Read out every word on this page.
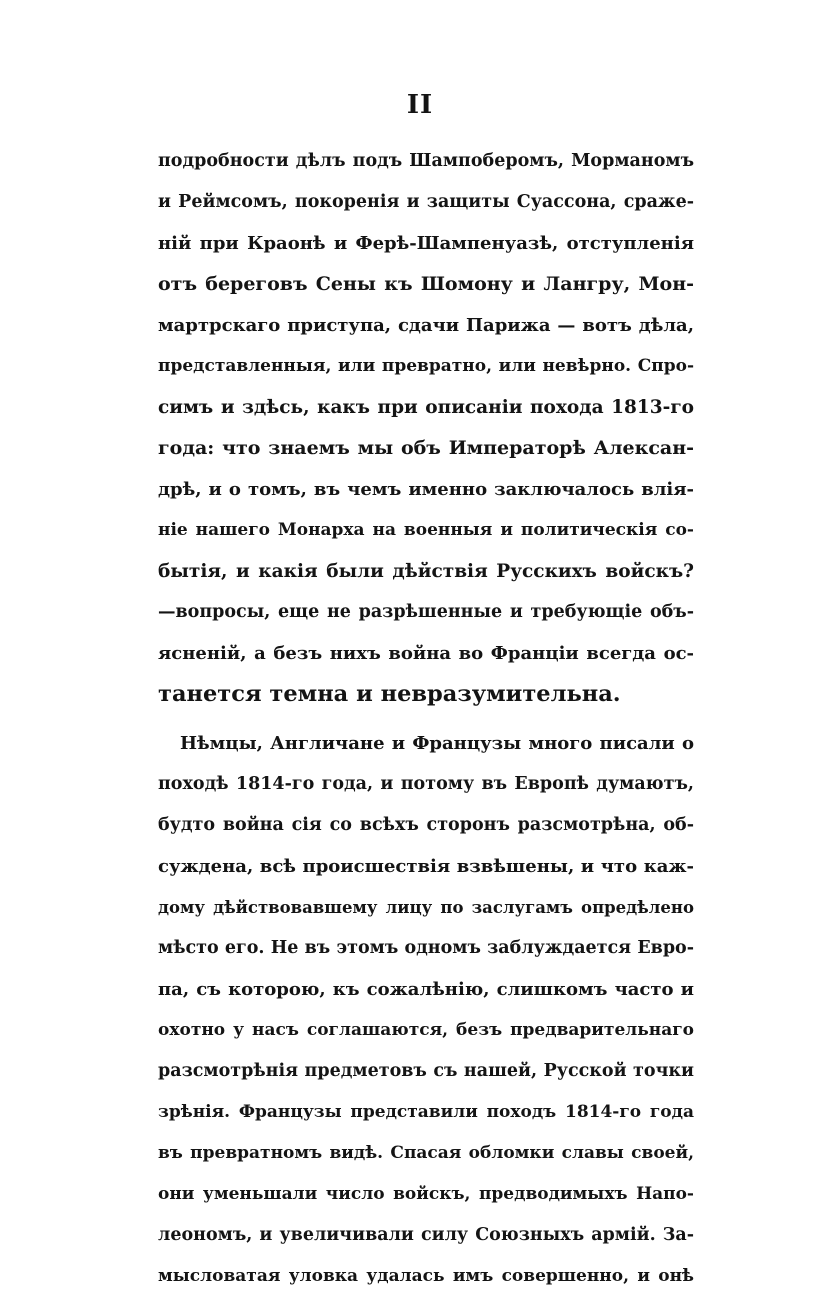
II
подробности дѣлъ подъ Шампоберомъ, Морманомъ
и Реймсомъ, покоренія и защиты Суассона, сраже-
ній при Краонѣ и Ферѣ-Шампенуазѣ, отступленія
отъ береговъ Сены къ Шомону и Лангру, Мон-
мартрскаго приступа, сдачи Парижа — вотъ дѣла,
представленныя, или превратно, или невѣрно. Спро-
симъ и здѣсь, какъ при описаніи похода 1813-го
года: что знаемъ мы объ Императорѣ Алексан-
дрѣ, и о томъ, въ чемъ именно заключалось влія-
ніе нашего Монарха на военныя и политическія со-
бытія, и какія были дѣйствія Русскихъ войскъ?
—вопросы, еще не разрѣшенные и требующіе объ-
ясненій, а безъ нихъ война во Франціи всегда ос-
танется темна и невразумительна.
Нѣмцы, Англичане и Французы много писали о
походѣ 1814-го года, и потому въ Европѣ думаютъ,
будто война сія со всѣхъ сторонъ разсмотрѣна, об-
суждена, всѣ происшествія взвѣшены, и что каж-
дому дѣйствовавшему лицу по заслугамъ опредѣлено
мѣсто его. Не въ этомъ одномъ заблуждается Евро-
па, съ которою, къ сожалѣнію, слишкомъ часто и
охотно у насъ соглашаются, безъ предварительнаго
разсмотрѣнія предметовъ съ нашей, Русской точки
зрѣнія. Французы представили походъ 1814-го года
въ превратномъ видѣ. Спасая обломки славы своей,
они уменьшали число войскъ, предводимыхъ Напо-
леономъ, и увеличивали силу Союзныхъ армій. За-
мысловатая уловка удалась имъ совершенно, и онѣ
